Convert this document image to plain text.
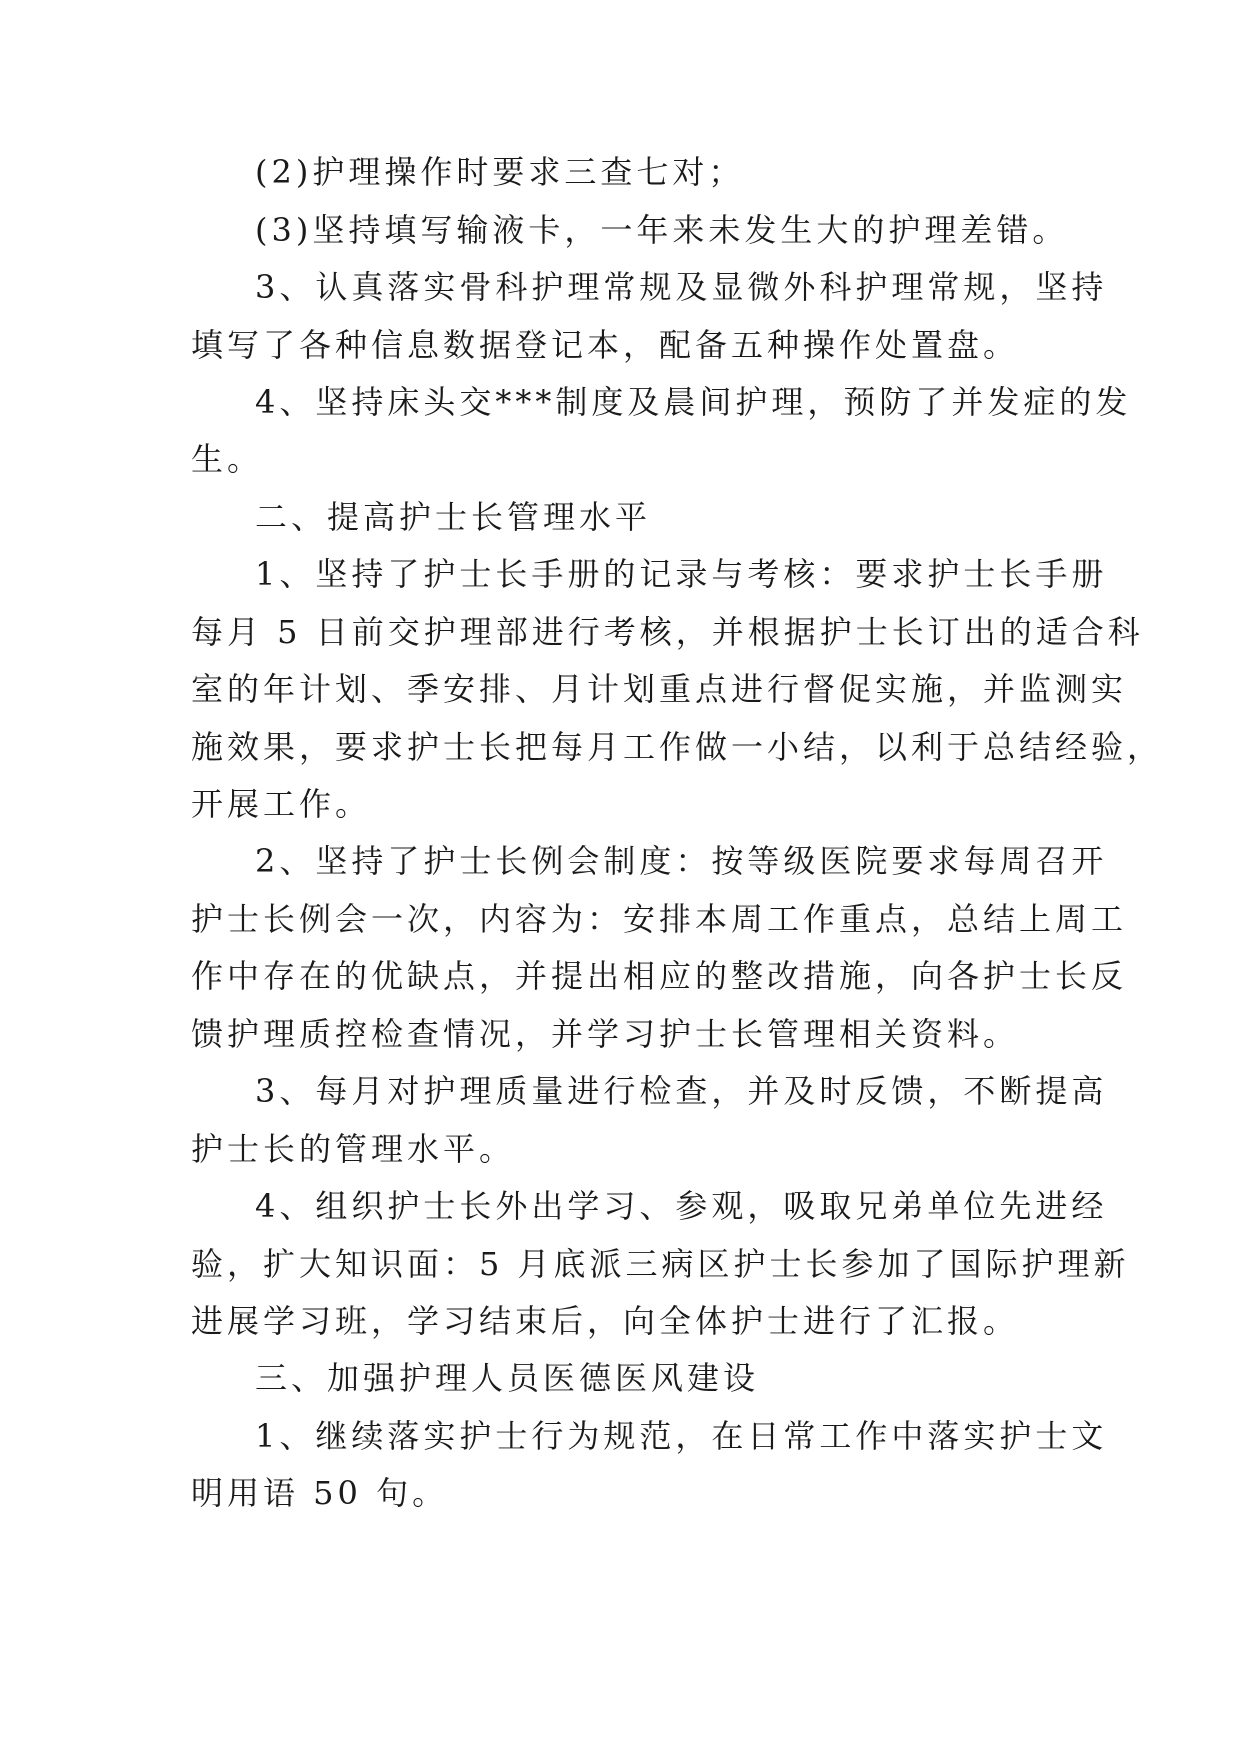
(2)护理操作时要求三查七对；
(3)坚持填写输液卡，一年来未发生大的护理差错。
3、认真落实骨科护理常规及显微外科护理常规，坚持
填写了各种信息数据登记本，配备五种操作处置盘。
4、坚持床头交***制度及晨间护理，预防了并发症的发
生。
二、提高护士长管理水平
1、坚持了护士长手册的记录与考核：要求护士长手册
每月 5 日前交护理部进行考核，并根据护士长订出的适合科
室的年计划、季安排、月计划重点进行督促实施，并监测实
施效果，要求护士长把每月工作做一小结，以利于总结经验，
开展工作。
2、坚持了护士长例会制度：按等级医院要求每周召开
护士长例会一次，内容为：安排本周工作重点，总结上周工
作中存在的优缺点，并提出相应的整改措施，向各护士长反
馈护理质控检查情况，并学习护士长管理相关资料。
3、每月对护理质量进行检查，并及时反馈，不断提高
护士长的管理水平。
4、组织护士长外出学习、参观，吸取兄弟单位先进经
验，扩大知识面：5 月底派三病区护士长参加了国际护理新
进展学习班，学习结束后，向全体护士进行了汇报。
三、加强护理人员医德医风建设
1、继续落实护士行为规范，在日常工作中落实护士文
明用语 50 句。
